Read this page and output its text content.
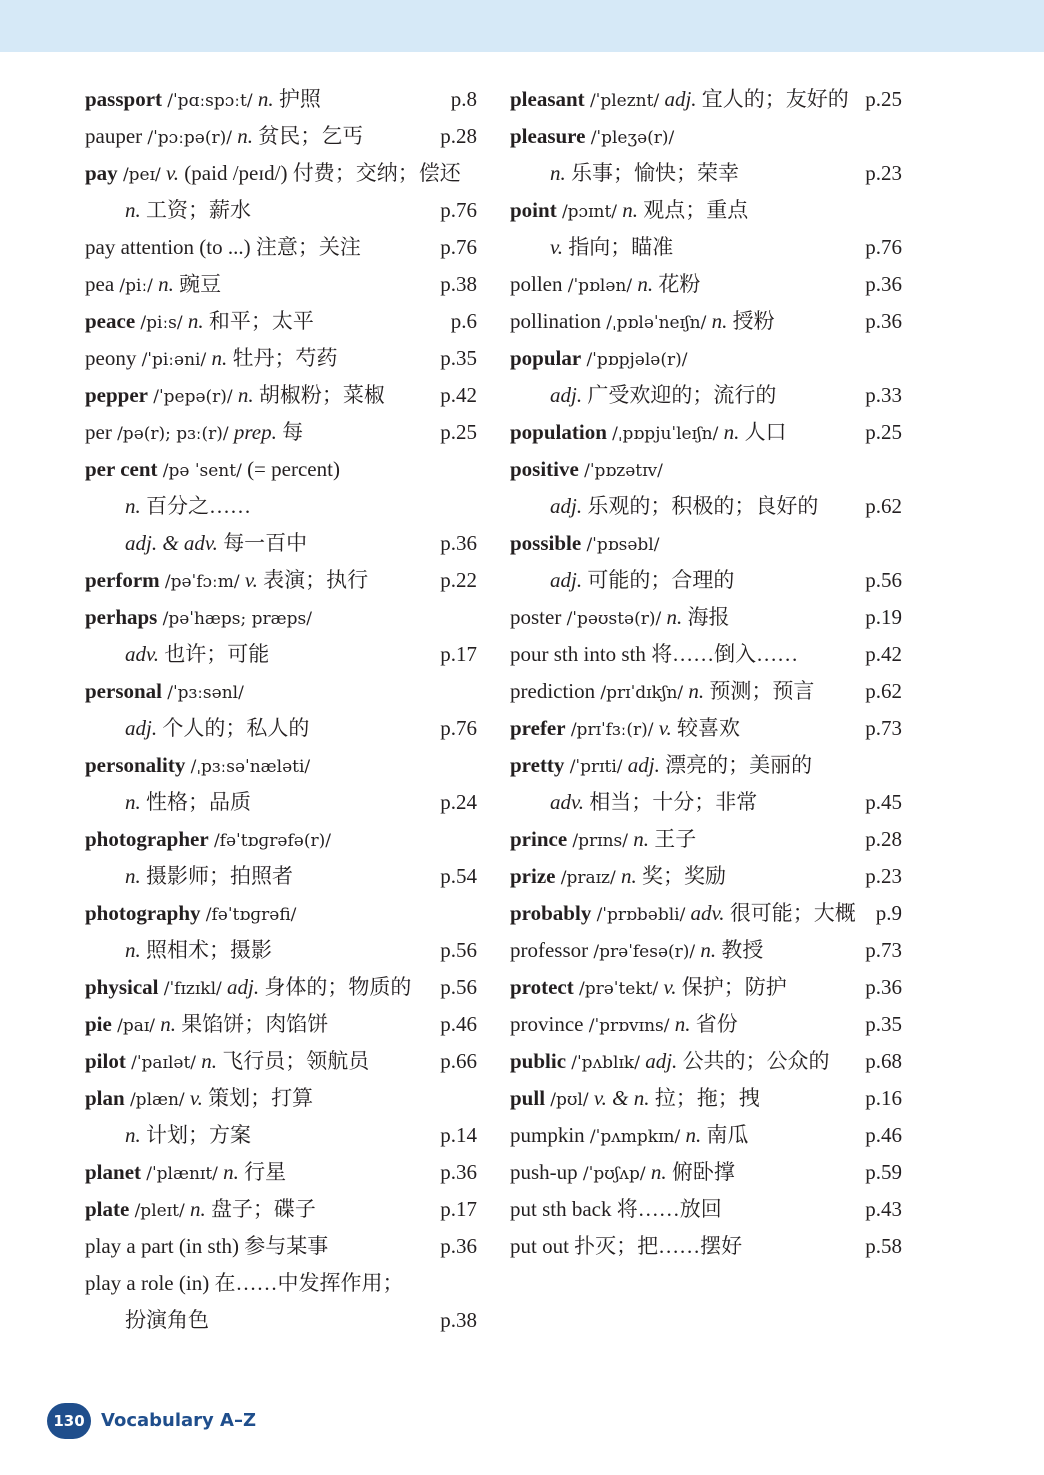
passport /ˈpɑːspɔːt/ n. 护照	p.8
pauper /ˈpɔːpə(r)/ n. 贫民；乞丐	p.28
pay /peɪ/ v. (paid /peɪd/) 付费；交纳；偿还
n. 工资；薪水	p.76
pay attention (to ...) 注意；关注	p.76
pea /piː/ n. 豌豆	p.38
peace /piːs/ n. 和平；太平	p.6
peony /ˈpiːəni/ n. 牡丹；芍药	p.35
pepper /ˈpepə(r)/ n. 胡椒粉；菜椒	p.42
per /pə(r); pɜː(r)/ prep. 每	p.25
per cent /pə ˈsent/ (= percent)
n. 百分之……
adj. & adv. 每一百中	p.36
perform /pəˈfɔːm/ v. 表演；执行	p.22
perhaps /pəˈhæps; præps/
adv. 也许；可能	p.17
personal /ˈpɜːsənl/
adj. 个人的；私人的	p.76
personality /ˌpɜːsəˈnæləti/
n. 性格；品质	p.24
photographer /fəˈtɒɡrəfə(r)/
n. 摄影师；拍照者	p.54
photography /fəˈtɒɡrəfi/
n. 照相术；摄影	p.56
physical /ˈfɪzɪkl/ adj. 身体的；物质的 p.56
pie /paɪ/ n. 果馅饼；肉馅饼	p.46
pilot /ˈpaɪlət/ n. 飞行员；领航员	p.66
plan /plæn/ v. 策划；打算
n. 计划；方案	p.14
planet /ˈplænɪt/ n. 行星	p.36
plate /pleɪt/ n. 盘子；碟子	p.17
play a part (in sth) 参与某事	p.36
play a role (in) 在……中发挥作用；
扮演角色	p.38
pleasant /ˈpleznt/ adj. 宜人的；友好的 p.25
pleasure /ˈpleʒə(r)/
n. 乐事；愉快；荣幸	p.23
point /pɔɪnt/ n. 观点；重点
v. 指向；瞄准	p.76
pollen /ˈpɒlən/ n. 花粉	p.36
pollination /ˌpɒləˈneɪʃn/ n. 授粉	p.36
popular /ˈpɒpjələ(r)/
adj. 广受欢迎的；流行的	p.33
population /ˌpɒpjuˈleɪʃn/ n. 人口	p.25
positive /ˈpɒzətɪv/
adj. 乐观的；积极的；良好的 p.62
possible /ˈpɒsəbl/
adj. 可能的；合理的	p.56
poster /ˈpəʊstə(r)/ n. 海报	p.19
pour sth into sth 将……倒入……	p.42
prediction /prɪˈdɪkʃn/ n. 预测；预言 p.62
prefer /prɪˈfɜː(r)/ v. 较喜欢	p.73
pretty /ˈprɪti/ adj. 漂亮的；美丽的
adv. 相当；十分；非常	p.45
prince /prɪns/ n. 王子	p.28
prize /praɪz/ n. 奖；奖励	p.23
probably /ˈprɒbəbli/ adv. 很可能；大概 p.9
professor /prəˈfesə(r)/ n. 教授	p.73
protect /prəˈtekt/ v. 保护；防护	p.36
province /ˈprɒvɪns/ n. 省份	p.35
public /ˈpʌblɪk/ adj. 公共的；公众的 p.68
pull /pʊl/ v. & n. 拉；拖；拽	p.16
pumpkin /ˈpʌmpkɪn/ n. 南瓜	p.46
push-up /ˈpʊʃʌp/ n. 俯卧撑	p.59
put sth back 将……放回	p.43
put out 扑灭；把……摆好	p.58
130 Vocabulary A–Z
